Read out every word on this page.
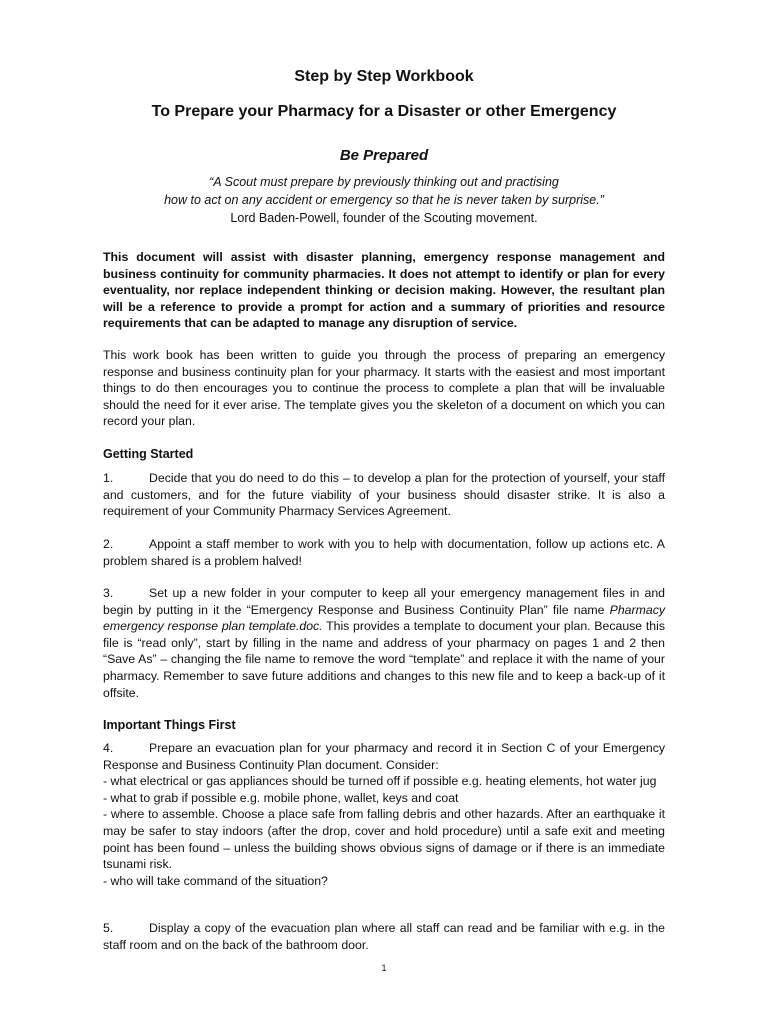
Step by Step Workbook
To Prepare your Pharmacy for a Disaster or other Emergency
Be Prepared
“A Scout must prepare by previously thinking out and practising
how to act on any accident or emergency so that he is never taken by surprise.”
Lord Baden-Powell, founder of the Scouting movement.
This document will assist with disaster planning, emergency response management and business continuity for community pharmacies. It does not attempt to identify or plan for every eventuality, nor replace independent thinking or decision making. However, the resultant plan will be a reference to provide a prompt for action and a summary of priorities and resource requirements that can be adapted to manage any disruption of service.
This work book has been written to guide you through the process of preparing an emergency response and business continuity plan for your pharmacy. It starts with the easiest and most important things to do then encourages you to continue the process to complete a plan that will be invaluable should the need for it ever arise. The template gives you the skeleton of a document on which you can record your plan.
Getting Started
1.	Decide that you do need to do this – to develop a plan for the protection of yourself, your staff and customers, and for the future viability of your business should disaster strike. It is also a requirement of your Community Pharmacy Services Agreement.
2.	Appoint a staff member to work with you to help with documentation, follow up actions etc. A problem shared is a problem halved!
3.	Set up a new folder in your computer to keep all your emergency management files in and begin by putting in it the “Emergency Response and Business Continuity Plan” file name Pharmacy emergency response plan template.doc. This provides a template to document your plan. Because this file is “read only”, start by filling in the name and address of your pharmacy on pages 1 and 2 then “Save As” – changing the file name to remove the word “template” and replace it with the name of your pharmacy. Remember to save future additions and changes to this new file and to keep a back-up of it offsite.
Important Things First
4.	Prepare an evacuation plan for your pharmacy and record it in Section C of your Emergency Response and Business Continuity Plan document. Consider:
- what electrical or gas appliances should be turned off if possible e.g. heating elements, hot water jug
- what to grab if possible e.g. mobile phone, wallet, keys and coat
- where to assemble. Choose a place safe from falling debris and other hazards. After an earthquake it may be safer to stay indoors (after the drop, cover and hold procedure) until a safe exit and meeting point has been found – unless the building shows obvious signs of damage or if there is an immediate tsunami risk.
- who will take command of the situation?
5.	Display a copy of the evacuation plan where all staff can read and be familiar with e.g. in the staff room and on the back of the bathroom door.
1
